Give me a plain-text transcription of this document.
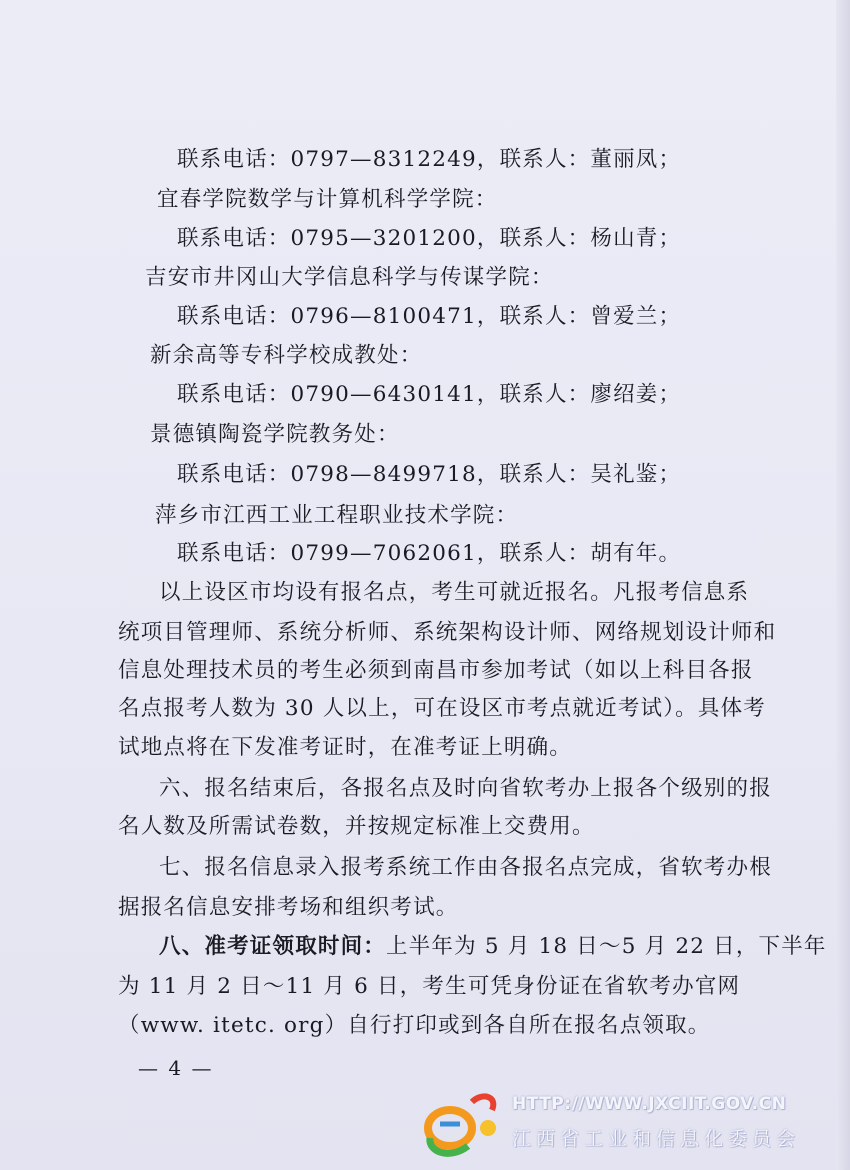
联系电话：0797—8312249，联系人：董丽凤；
宜春学院数学与计算机科学学院：
联系电话：0795—3201200，联系人：杨山青；
吉安市井冈山大学信息科学与传谋学院：
联系电话：0796—8100471，联系人：曾爱兰；
新余高等专科学校成教处：
联系电话：0790—6430141，联系人：廖绍姜；
景德镇陶瓷学院教务处：
联系电话：0798—8499718，联系人：吴礼鉴；
萍乡市江西工业工程职业技术学院：
联系电话：0799—7062061，联系人：胡有年。
以上设区市均设有报名点，考生可就近报名。凡报考信息系
统项目管理师、系统分析师、系统架构设计师、网络规划设计师和
信息处理技术员的考生必须到南昌市参加考试（如以上科目各报
名点报考人数为 30 人以上，可在设区市考点就近考试）。具体考
试地点将在下发准考证时，在准考证上明确。
六、报名结束后，各报名点及时向省软考办上报各个级别的报
名人数及所需试卷数，并按规定标准上交费用。
七、报名信息录入报考系统工作由各报名点完成，省软考办根
据报名信息安排考场和组织考试。
八、准考证领取时间：上半年为 5 月 18 日～5 月 22 日，下半年
为 11 月 2 日～11 月 6 日，考生可凭身份证在省软考办官网
（www. itetc. org）自行打印或到各自所在报名点领取。
— 4 —
HTTP://WWW.JXCIIT.GOV.CN
江西省工业和信息化委员会
